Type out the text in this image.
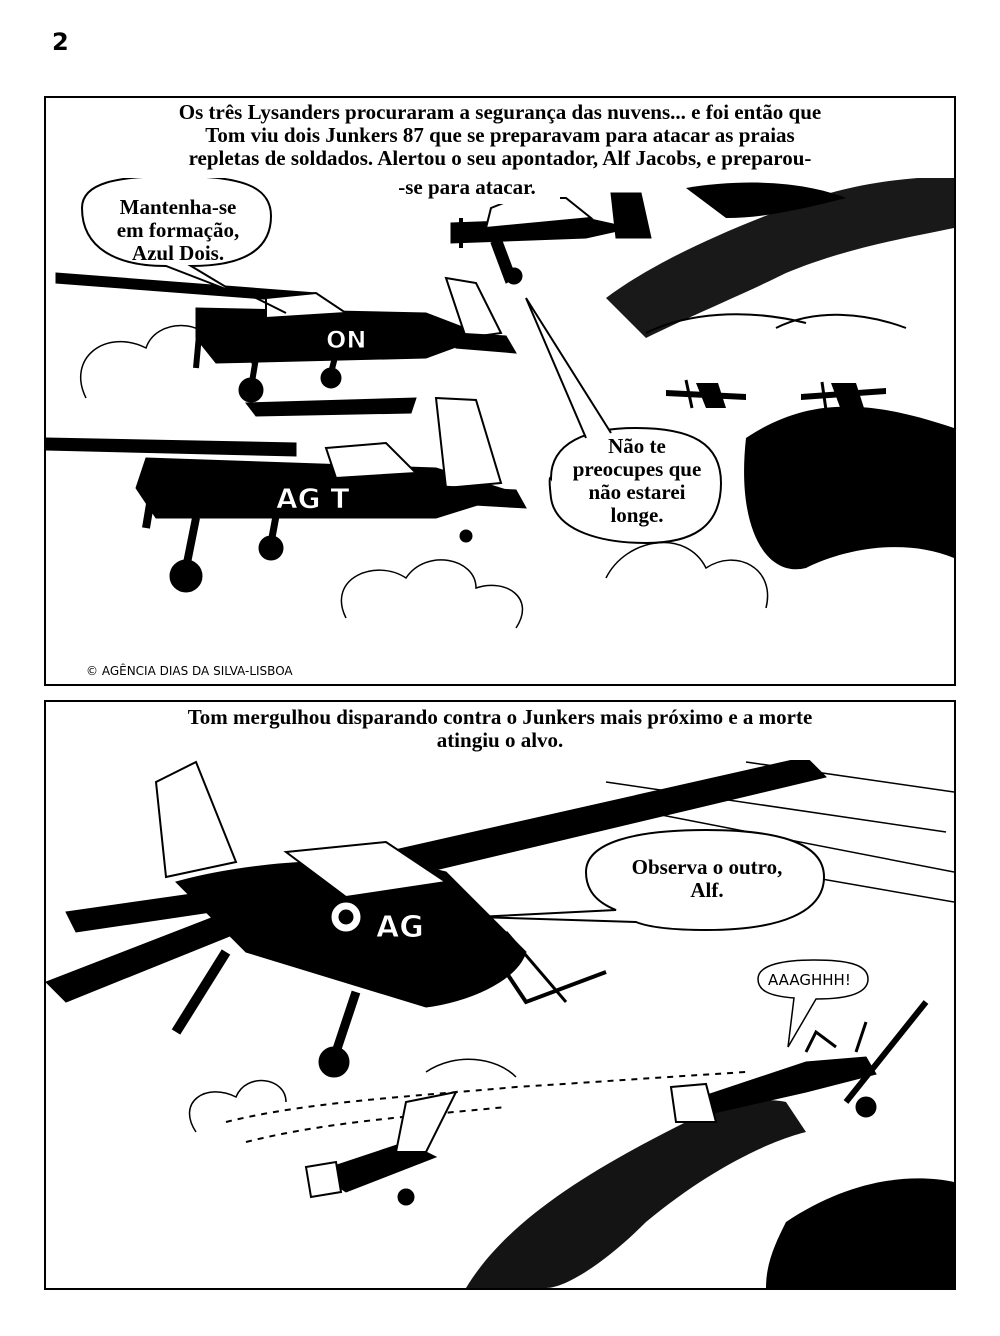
2
ON
AG T
Os três Lysanders procuraram a segurança das nuvens... e foi então que
Tom viu dois Junkers 87 que se preparavam para atacar as praias
repletas de soldados. Alertou o seu apontador, Alf Jacobs, e preparou-
-se para atacar.
Mantenha-se
em formação,
Azul Dois.
Não te
preocupes que
não estarei
longe.
© AGÊNCIA DIAS DA SILVA-LISBOA
AG
Tom mergulhou disparando contra o Junkers mais próximo e a morte
atingiu o alvo.
Observa o outro,
Alf.
AAAGHHH!
